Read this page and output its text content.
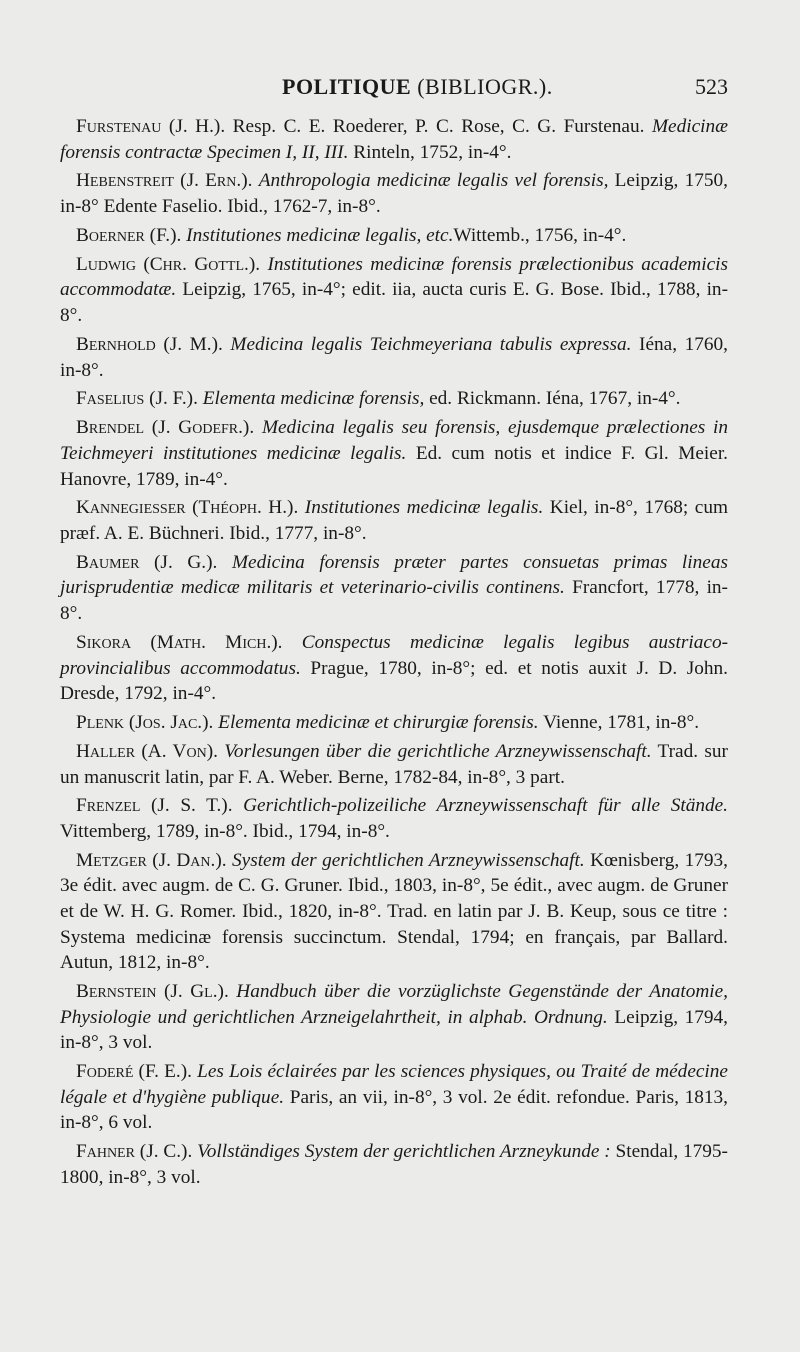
POLITIQUE (BIBLIOGR.).	523

Furstenau (J. H.). Resp. C. E. Roederer, P. C. Rose, C. G. Furstenau. Medicinæ forensis contractæ Specimen I, II, III. Rinteln, 1752, in-4°.

Hebenstreit (J. Ern.). Anthropologia medicinæ legalis vel forensis, Leipzig, 1750, in-8° Edente Faselio. Ibid., 1762-7, in-8°.

Boerner (F.). Institutiones medicinæ legalis, etc.Wittemb., 1756, in-4°.

Ludwig (Chr. Gottl.). Institutiones medicinæ forensis prælectionibus academicis accommodatæ. Leipzig, 1765, in-4°; edit. iia, aucta curis E. G. Bose. Ibid., 1788, in-8°.

Bernhold (J. M.). Medicina legalis Teichmeyeriana tabulis expressa. Iéna, 1760, in-8°.

Faselius (J. F.). Elementa medicinæ forensis, ed. Rickmann. Iéna, 1767, in-4°.

Brendel (J. Godefr.). Medicina legalis seu forensis, ejusdemque prælectiones in Teichmeyeri institutiones medicinæ legalis. Ed. cum notis et indice F. Gl. Meier. Hanovre, 1789, in-4°.

Kannegiesser (Théoph. H.). Institutiones medicinæ legalis. Kiel, in-8°, 1768; cum præf. A. E. Büchneri. Ibid., 1777, in-8°.

Baumer (J. G.). Medicina forensis præter partes consuetas primas lineas jurisprudentiæ medicæ militaris et veterinario-civilis continens. Francfort, 1778, in-8°.

Sikora (Math. Mich.). Conspectus medicinæ legalis legibus austriaco-provincialibus accommodatus. Prague, 1780, in-8°; ed. et notis auxit J. D. John. Dresde, 1792, in-4°.

Plenk (Jos. Jac.). Elementa medicinæ et chirurgiæ forensis. Vienne, 1781, in-8°.

Haller (A. Von). Vorlesungen über die gerichtliche Arzneywissenschaft. Trad. sur un manuscrit latin, par F. A. Weber. Berne, 1782-84, in-8°, 3 part.

Frenzel (J. S. T.). Gerichtlich-polizeiliche Arzneywissenschaft für alle Stände. Vittemberg, 1789, in-8°. Ibid., 1794, in-8°.

Metzger (J. Dan.). System der gerichtlichen Arzneywissenschaft. Kœnisberg, 1793, 3e édit. avec augm. de C. G. Gruner. Ibid., 1803, in-8°, 5e édit., avec augm. de Gruner et de W. H. G. Romer. Ibid., 1820, in-8°. Trad. en latin par J. B. Keup, sous ce titre : Systema medicinæ forensis succinctum. Stendal, 1794; en français, par Ballard. Autun, 1812, in-8°.

Bernstein (J. Gl.). Handbuch über die vorzüglichste Gegenstände der Anatomie, Physiologie und gerichtlichen Arzneigelahrtheit, in alphab. Ordnung. Leipzig, 1794, in-8°, 3 vol.

Foderé (F. E.). Les Lois éclairées par les sciences physiques, ou Traité de médecine légale et d'hygiène publique. Paris, an vii, in-8°, 3 vol. 2e édit. refondue. Paris, 1813, in-8°, 6 vol.

Fahner (J. C.). Vollständiges System der gerichtlichen Arzneykunde : Stendal, 1795-1800, in-8°, 3 vol.
